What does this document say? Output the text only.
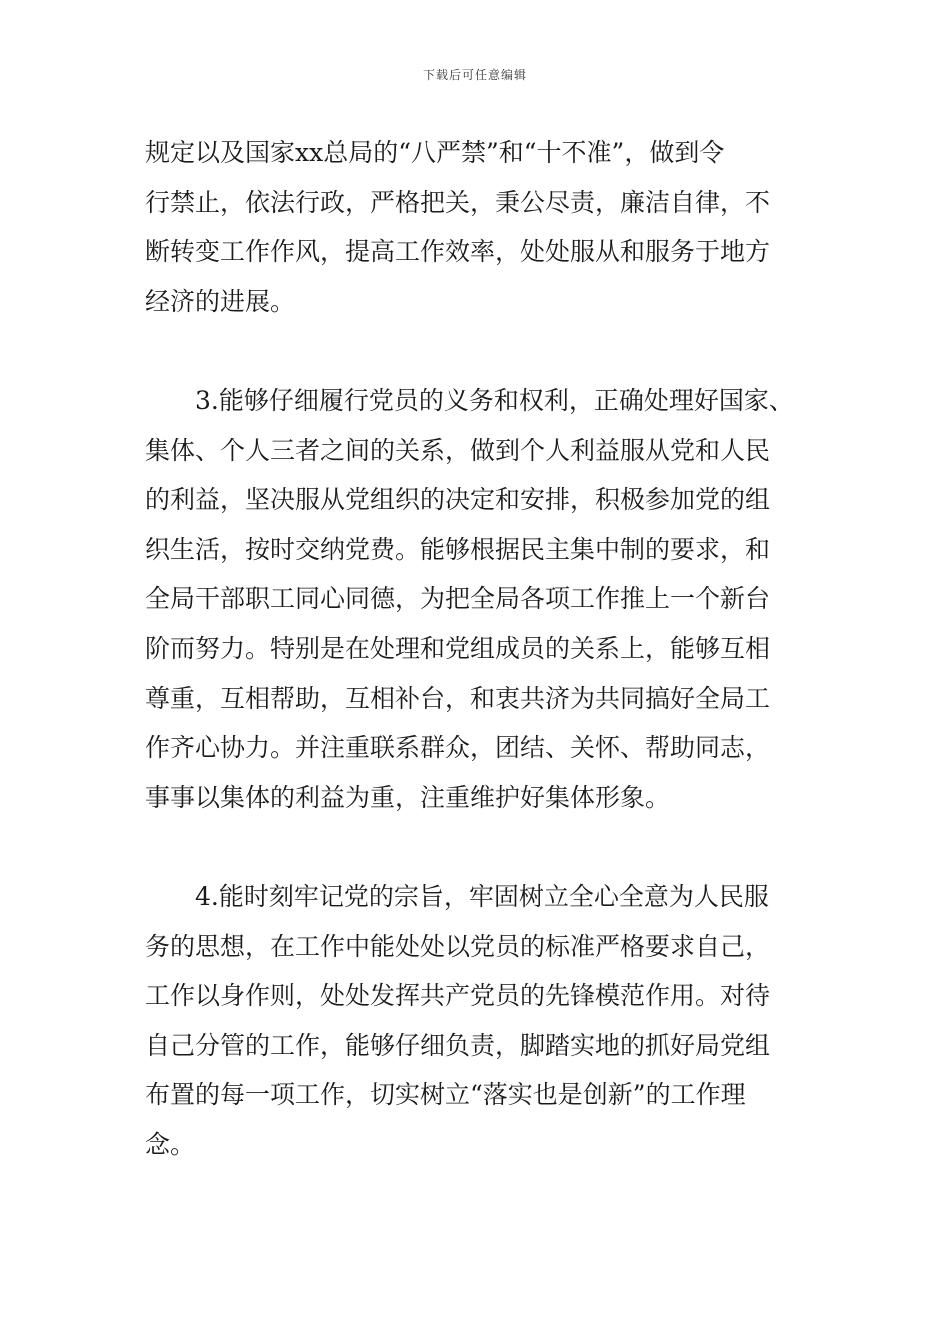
下载后可任意编辑
规定以及国家xx总局的“八严禁”和“十不准”，做到令
行禁止，依法行政，严格把关，秉公尽责，廉洁自律，不
断转变工作作风，提高工作效率，处处服从和服务于地方
经济的进展。
3.能够仔细履行党员的义务和权利，正确处理好国家、
集体、个人三者之间的关系，做到个人利益服从党和人民
的利益，坚决服从党组织的决定和安排，积极参加党的组
织生活，按时交纳党费。能够根据民主集中制的要求，和
全局干部职工同心同德，为把全局各项工作推上一个新台
阶而努力。特别是在处理和党组成员的关系上，能够互相
尊重，互相帮助，互相补台，和衷共济为共同搞好全局工
作齐心协力。并注重联系群众，团结、关怀、帮助同志，
事事以集体的利益为重，注重维护好集体形象。
4.能时刻牢记党的宗旨，牢固树立全心全意为人民服
务的思想，在工作中能处处以党员的标准严格要求自己，
工作以身作则，处处发挥共产党员的先锋模范作用。对待
自己分管的工作，能够仔细负责，脚踏实地的抓好局党组
布置的每一项工作，切实树立“落实也是创新”的工作理
念。
